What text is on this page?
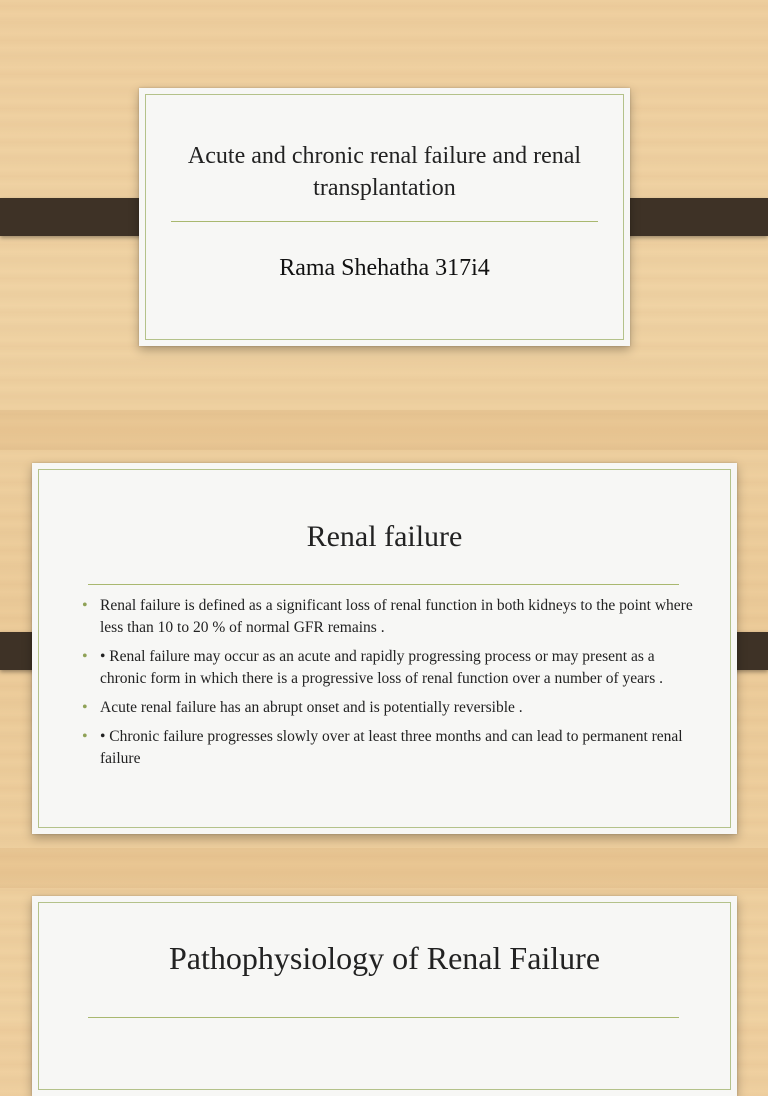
Acute and chronic renal failure and renal transplantation
Rama Shehatha 317i4
Renal failure
• Renal failure is defined as a significant loss of renal function in both kidneys to the point where less than 10 to 20 % of normal GFR remains .
• • Renal failure may occur as an acute and rapidly progressing process or may present as a chronic form in which there is a progressive loss of renal function over a number of years .
• Acute renal failure has an abrupt onset and is potentially reversible .
• • Chronic failure progresses slowly over at least three months and can lead to permanent renal failure
Pathophysiology of Renal Failure
